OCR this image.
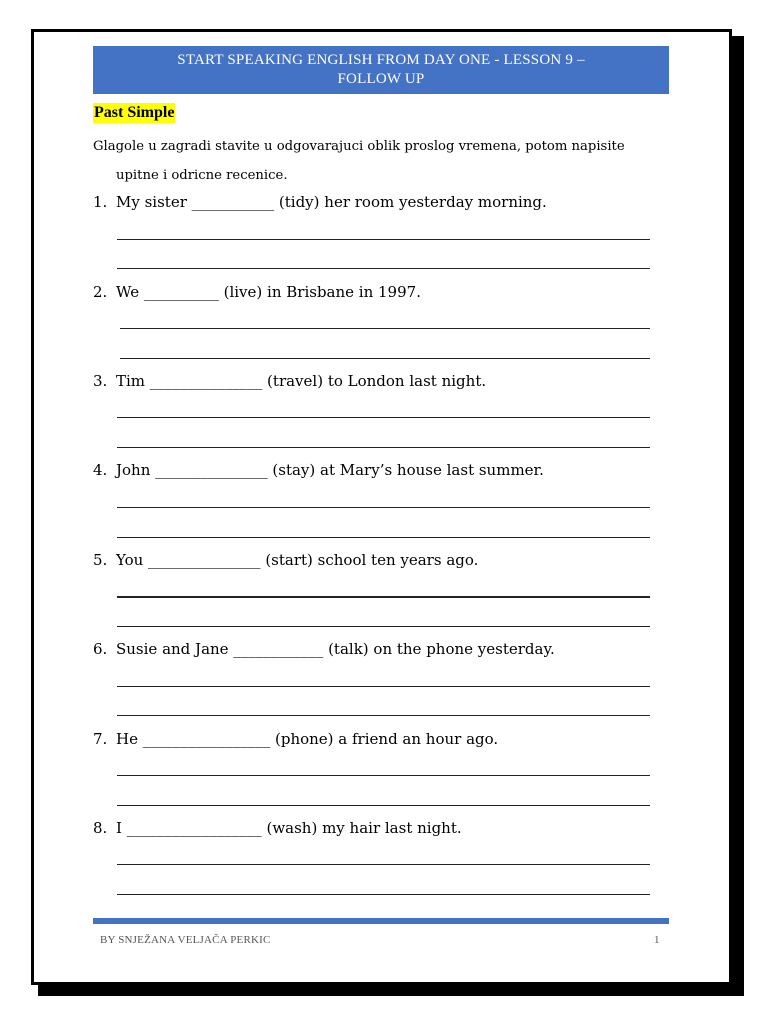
START SPEAKING ENGLISH FROM DAY ONE - LESSON 9 –
FOLLOW UP
Past Simple
Glagole u zagradi stavite u odgovarajuci oblik proslog vremena, potom napisite
upitne i odricne recenice.
1. My sister ___________ (tidy) her room yesterday morning.
2. We __________ (live) in Brisbane in 1997.
3. Tim _______________ (travel) to London last night.
4. John _______________ (stay) at Mary’s house last summer.
5. You _______________ (start) school ten years ago.
6. Susie and Jane ____________ (talk) on the phone yesterday.
7. He _________________ (phone) a friend an hour ago.
8. I __________________ (wash) my hair last night.
BY SNJEŽANA VELJAČA PERKIC	1
